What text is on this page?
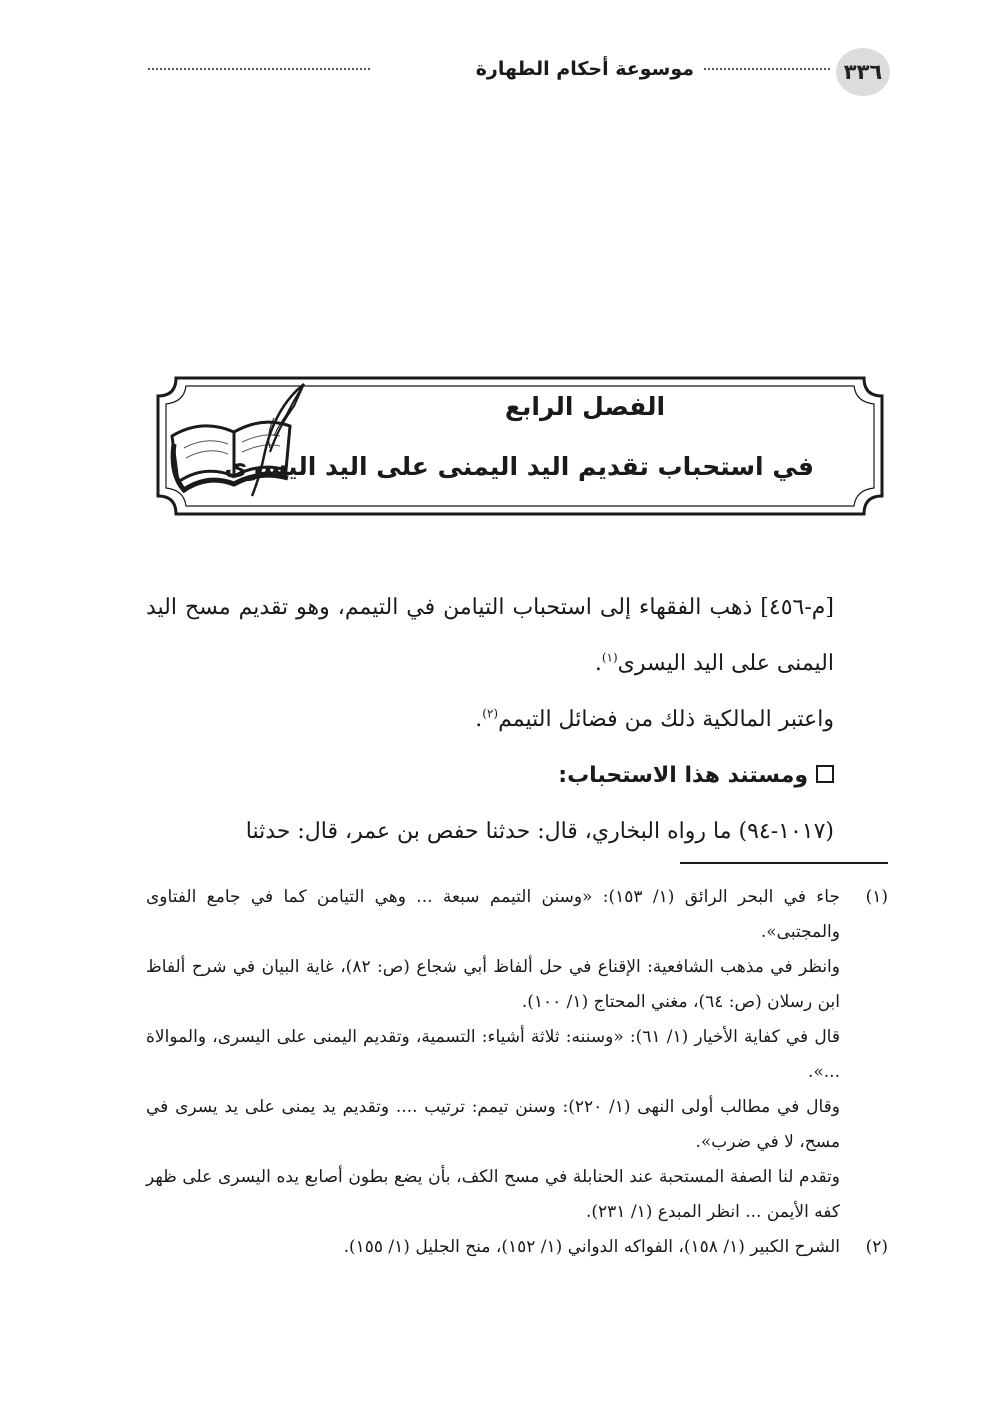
٣٣٦
موسوعة أحكام الطهارة
الفصل الرابع
في استحباب تقديم اليد اليمنى على اليد اليسرى

[م-٤٥٦] ذهب الفقهاء إلى استحباب التيامن في التيمم، وهو تقديم مسح اليد اليمنى على اليد اليسرى$^{(١)}$.

واعتبر المالكية ذلك من فضائل التيمم$^{(٢)}$.

ومستند هذا الاستحباب:

(١٠١٧-٩٤) ما رواه البخاري، قال: حدثنا حفص بن عمر، قال: حدثنا

(١)

جاء في البحر الرائق (١/ ١٥٣): «وسنن التيمم سبعة ... وهي التيامن كما في جامع الفتاوى والمجتبى».

وانظر في مذهب الشافعية: الإقناع في حل ألفاظ أبي شجاع (ص: ٨٢)، غاية البيان في شرح ألفاظ ابن رسلان (ص: ٦٤)، مغني المحتاج (١/ ١٠٠).

قال في كفاية الأخيار (١/ ٦١): «وسننه: ثلاثة أشياء: التسمية، وتقديم اليمنى على اليسرى، والموالاة ...».

وقال في مطالب أولى النهى (١/ ٢٢٠): وسنن تيمم: ترتيب .... وتقديم يد يمنى على يد يسرى في مسح، لا في ضرب».

وتقدم لنا الصفة المستحبة عند الحنابلة في مسح الكف، بأن يضع بطون أصابع يده اليسرى على ظهر كفه الأيمن ... انظر المبدع (١/ ٢٣١).

(٢)

الشرح الكبير (١/ ١٥٨)، الفواكه الدواني (١/ ١٥٢)، منح الجليل (١/ ١٥٥).
